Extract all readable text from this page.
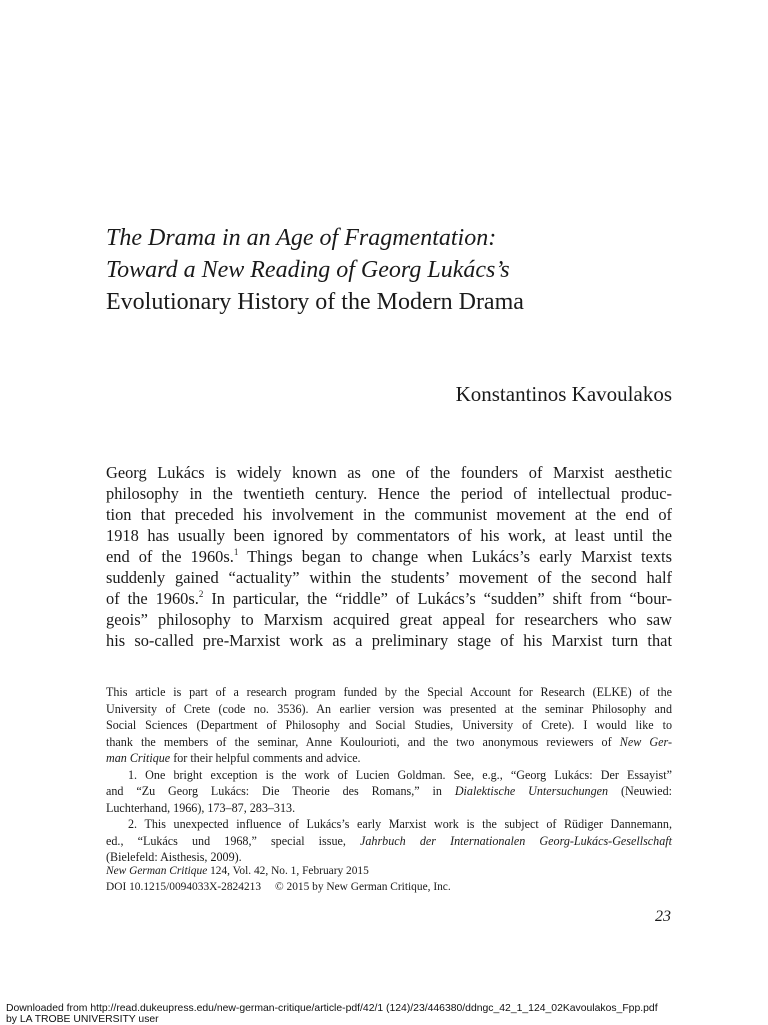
The Drama in an Age of Fragmentation:
Toward a New Reading of Georg Lukács’s
Evolutionary History of the Modern Drama
Konstantinos Kavoulakos
Georg Lukács is widely known as one of the founders of Marxist aesthetic
philosophy in the twentieth century. Hence the period of intellectual produc-
tion that preceded his involvement in the communist movement at the end of
1918 has usually been ignored by commentators of his work, at least until the
end of the 1960s.$^1$ Things began to change when Lukács’s early Marxist texts
suddenly gained “actuality” within the students’ movement of the second half
of the 1960s.$^2$ In particular, the “riddle” of Lukács’s “sudden” shift from “bour-
geois” philosophy to Marxism acquired great appeal for researchers who saw
his so-called pre-Marxist work as a preliminary stage of his Marxist turn that
This article is part of a research program funded by the Special Account for Research (ELKE) of the
University of Crete (code no. 3536). An earlier version was presented at the seminar Philosophy and
Social Sciences (Department of Philosophy and Social Studies, University of Crete). I would like to
thank the members of the seminar, Anne Koulourioti, and the two anonymous reviewers of New Ger-
man Critique for their helpful comments and advice.
1. One bright exception is the work of Lucien Goldman. See, e.g., “Georg Lukács: Der Essayist”
and “Zu Georg Lukács: Die Theorie des Romans,” in Dialektische Untersuchungen (Neuwied:
Luchterhand, 1966), 173–87, 283–313.
2. This unexpected influence of Lukács’s early Marxist work is the subject of Rüdiger Dannemann,
ed., “Lukács und 1968,” special issue, Jahrbuch der Internationalen Georg-Lukács-Gesellschaft
(Bielefeld: Aisthesis, 2009).
New German Critique 124, Vol. 42, No. 1, February 2015
DOI 10.1215/0094033X-2824213 © 2015 by New German Critique, Inc.
23
Downloaded from http://read.dukeupress.edu/new-german-critique/article-pdf/42/1 (124)/23/446380/ddngc_42_1_124_02Kavoulakos_Fpp.pdf
by LA TROBE UNIVERSITY user
